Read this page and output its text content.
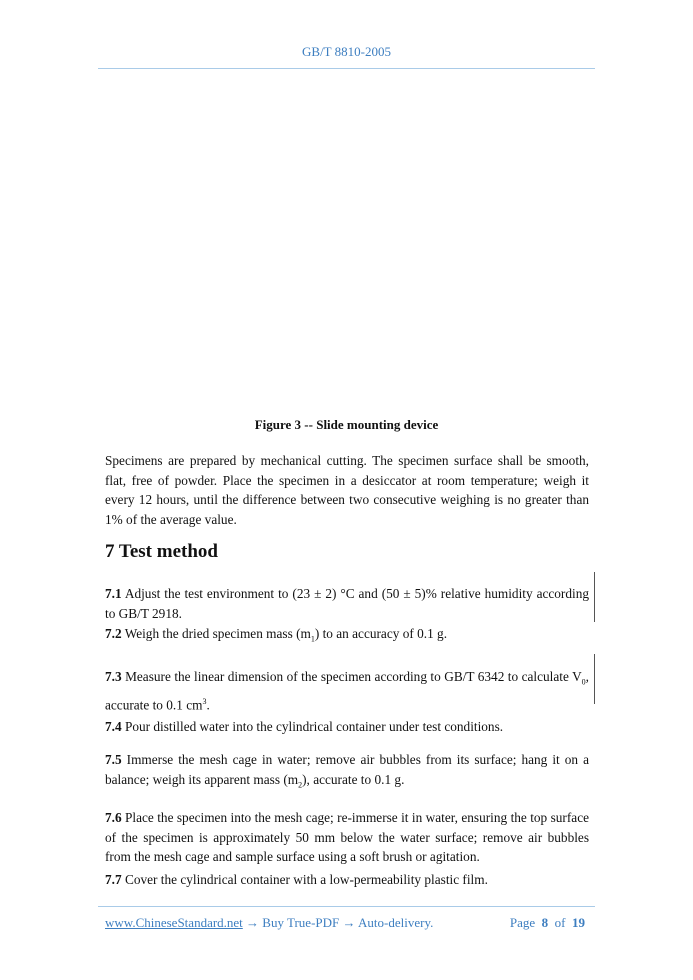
GB/T 8810-2005
Figure 3 -- Slide mounting device
Specimens are prepared by mechanical cutting. The specimen surface shall be smooth, flat, free of powder. Place the specimen in a desiccator at room temperature; weigh it every 12 hours, until the difference between two consecutive weighing is no greater than 1% of the average value.
7 Test method
7.1 Adjust the test environment to (23 ± 2) °C and (50 ± 5)% relative humidity according to GB/T 2918.
7.2 Weigh the dried specimen mass $(m_1)$ to an accuracy of 0.1 g.
7.3 Measure the linear dimension of the specimen according to GB/T 6342 to calculate $V_0$, accurate to 0.1 $cm^3$.
7.4 Pour distilled water into the cylindrical container under test conditions.
7.5 Immerse the mesh cage in water; remove air bubbles from its surface; hang it on a balance; weigh its apparent mass $(m_2)$, accurate to 0.1 g.
7.6 Place the specimen into the mesh cage; re-immerse it in water, ensuring the top surface of the specimen is approximately 50 mm below the water surface; remove air bubbles from the mesh cage and sample surface using a soft brush or agitation.
7.7 Cover the cylindrical container with a low-permeability plastic film.
www.ChineseStandard.net → Buy True-PDF → Auto-delivery.	Page 8 of 19
